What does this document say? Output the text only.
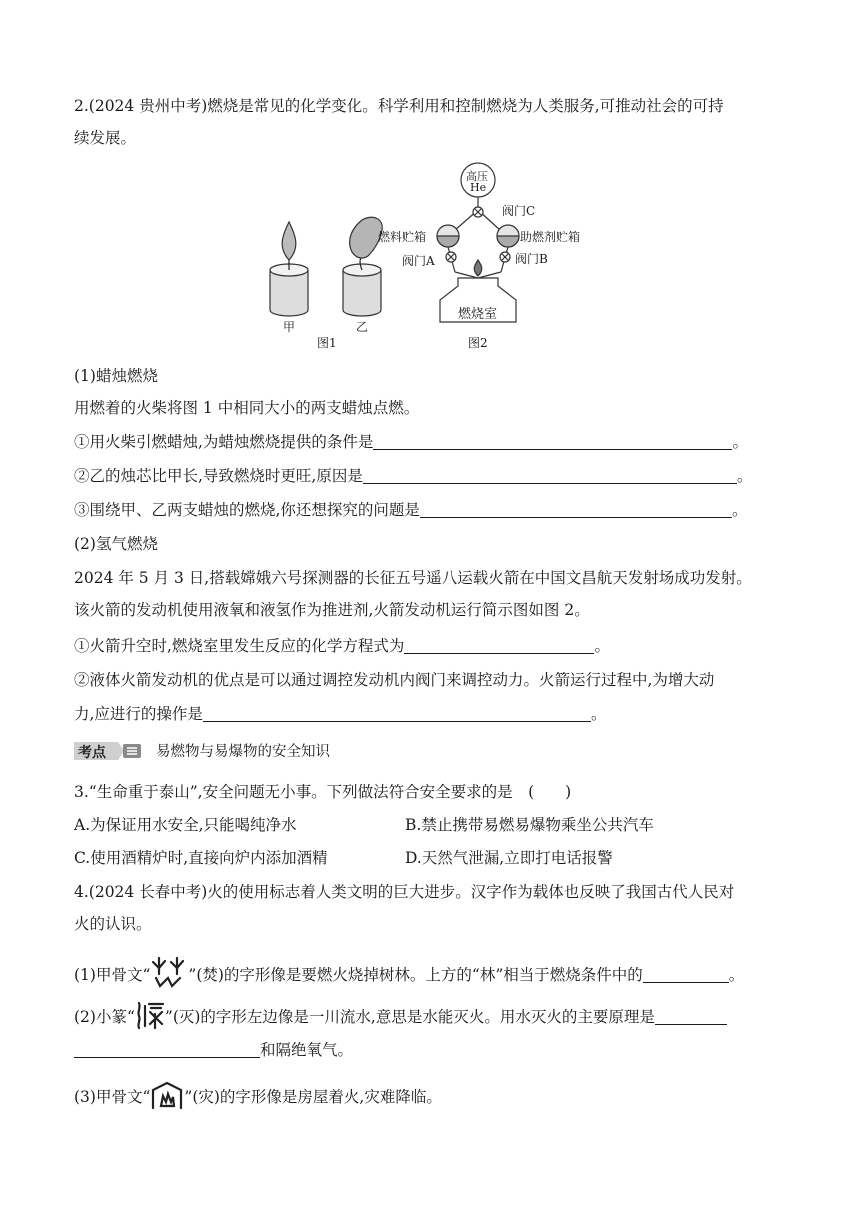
2.(2024 贵州中考)燃烧是常见的化学变化。科学利用和控制燃烧为人类服务,可推动社会的可持
续发展。
甲	乙
图1	图2
高压
He
阀门C
燃料贮箱	助燃剂贮箱
阀门A	阀门B
燃烧室
(1)蜡烛燃烧
用燃着的火柴将图 1 中相同大小的两支蜡烛点燃。
①用火柴引燃蜡烛,为蜡烛燃烧提供的条件是	。
②乙的烛芯比甲长,导致燃烧时更旺,原因是	。
③围绕甲、乙两支蜡烛的燃烧,你还想探究的问题是	。
(2)氢气燃烧
2024 年 5 月 3 日,搭载嫦娥六号探测器的长征五号遥八运载火箭在中国文昌航天发射场成功发射。
该火箭的发动机使用液氧和液氢作为推进剂,火箭发动机运行简示图如图 2。
①火箭升空时,燃烧室里发生反应的化学方程式为	。
②液体火箭发动机的优点是可以通过调控发动机内阀门来调控动力。火箭运行过程中,为增大动
力,应进行的操作是	。
考点	易燃物与易爆物的安全知识
3.“生命重于泰山”,安全问题无小事。下列做法符合安全要求的是　(　　)
A.为保证用水安全,只能喝纯净水	B.禁止携带易燃易爆物乘坐公共汽车
C.使用酒精炉时,直接向炉内添加酒精	D.天然气泄漏,立即打电话报警
4.(2024 长春中考)火的使用标志着人类文明的巨大进步。汉字作为载体也反映了我国古代人民对
火的认识。
(1)甲骨文“ ”(焚)的字形像是要燃火烧掉树林。上方的“林”相当于燃烧条件中的	。
(2)小篆“ ”(灭)的字形左边像是一川流水,意思是水能灭火。用水灭火的主要原理是
和隔绝氧气。
(3)甲骨文“ ”(灾)的字形像是房屋着火,灾难降临。
